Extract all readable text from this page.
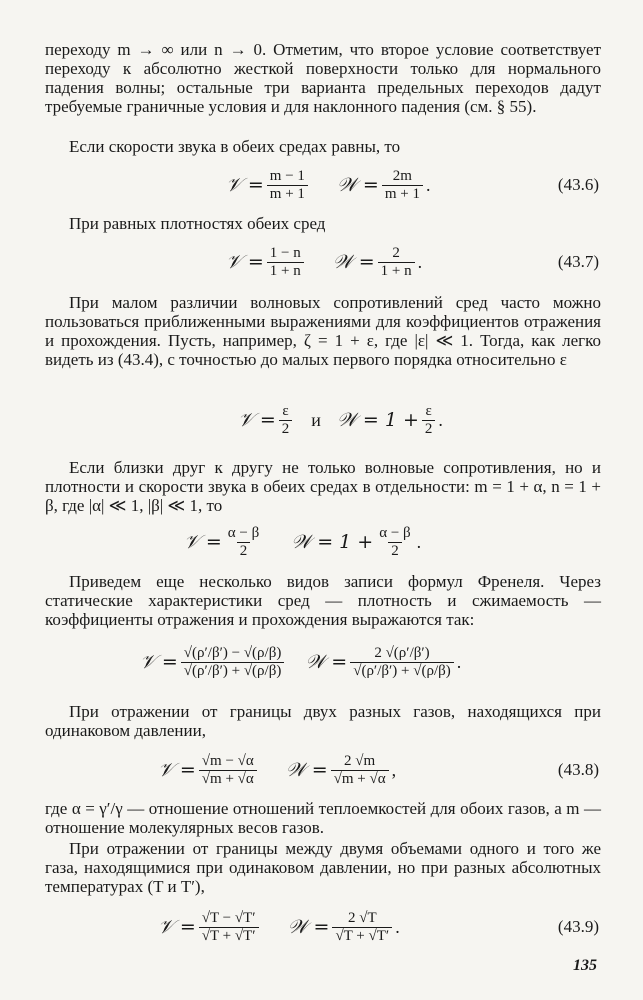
переходу m → ∞ или n → 0. Отметим, что второе условие соответствует переходу к абсолютно жесткой поверхности только для нормального падения волны; остальные три варианта предельных переходов дадут требуемые граничные условия и для наклонного падения (см. § 55).
Если скорости звука в обеих средах равны, то
𝒱 = $\frac{m - 1}{m + 1}$ 𝒲 = $\frac{2m}{m + 1}$ .	(43.6)
При равных плотностях обеих сред
𝒱 = $\frac{1 - n}{1 + n}$ 𝒲 = $\frac{2}{1 + n}$ .	(43.7)
При малом различии волновых сопротивлений сред часто можно пользоваться приближенными выражениями для коэффициентов отражения и прохождения. Пусть, например, ζ = 1 + ε, где |ε| ≪ 1. Тогда, как легко видеть из (43.4), с точностью до малых первого порядка относительно ε
𝒱 = $\frac{\varepsilon}{2}$ и 𝒲 = $1 + \frac{\varepsilon}{2}$ .
Если близки друг к другу не только волновые сопротивления, но и плотности и скорости звука в обеих средах в отдельности: m = 1 + α, n = 1 + β, где |α| ≪ 1, |β| ≪ 1, то
𝒱 = $\frac{\alpha - \beta}{2}$ 𝒲 = $1 + \frac{\alpha - \beta}{2}$ .
Приведем еще несколько видов записи формул Френеля. Через статические характеристики сред — плотность и сжимаемость — коэффициенты отражения и прохождения выражаются так:
𝒱 = $\frac{√(\rho'/\beta') - √(\rho/\beta)}{√(\rho'/\beta') + √(\rho/\beta)}$ 𝒲 = $\frac{2 √(\rho'/\beta')}{√(\rho'/\beta') + √(\rho/\beta)}$ .
При отражении от границы двух разных газов, находящихся при одинаковом давлении,
𝒱 = $\frac{√m - √\alpha}{√m + √\alpha}$ 𝒲 = $\frac{2 √m}{√m + √\alpha}$ ,	(43.8)
где α = γ′/γ — отношение отношений теплоемкостей для обоих газов, а m — отношение молекулярных весов газов.
При отражении от границы между двумя объемами одного и того же газа, находящимися при одинаковом давлении, но при разных абсолютных температурах (T и T′),
𝒱 = $\frac{√T - √T'}{√T + √T'}$ 𝒲 = $\frac{2 √T}{√T + √T'}$ .	(43.9)
135
